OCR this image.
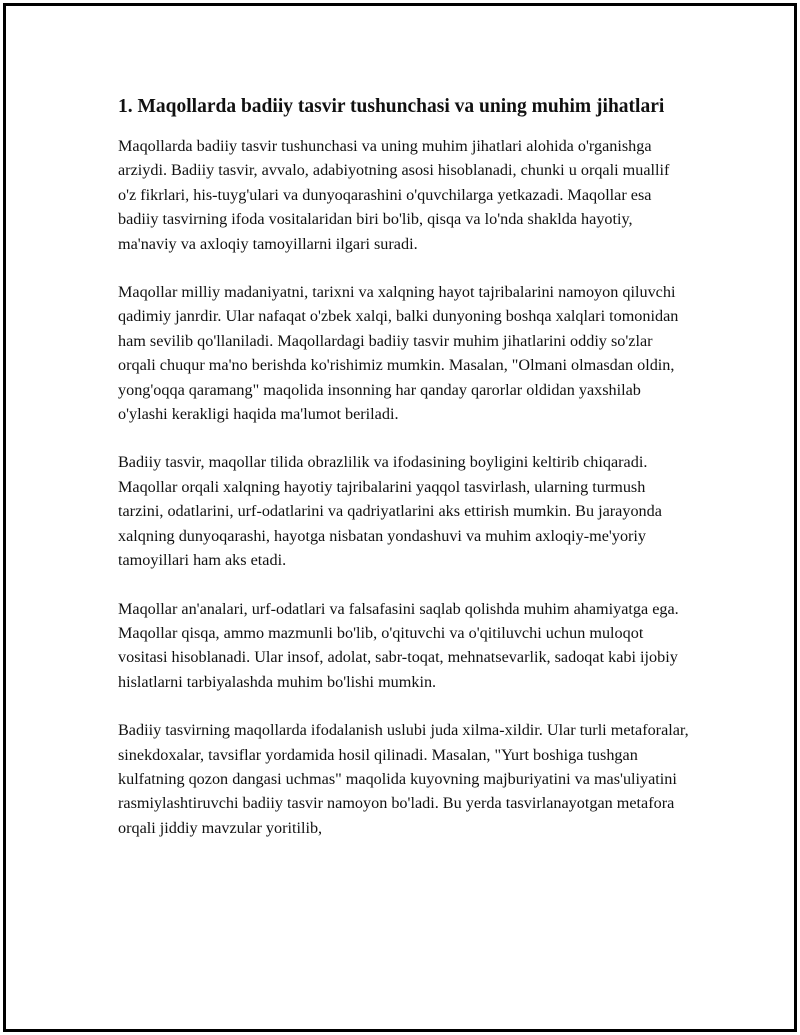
1. Maqollarda badiiy tasvir tushunchasi va uning muhim jihatlari

Maqollarda badiiy tasvir tushunchasi va uning muhim jihatlari alohida o'rganishga arziydi. Badiiy tasvir, avvalo, adabiyotning asosi hisoblanadi, chunki u orqali muallif o'z fikrlari, his-tuyg'ulari va dunyoqarashini o'quvchilarga yetkazadi. Maqollar esa badiiy tasvirning ifoda vositalaridan biri bo'lib, qisqa va lo'nda shaklda hayotiy, ma'naviy va axloqiy tamoyillarni ilgari suradi.

Maqollar milliy madaniyatni, tarixni va xalqning hayot tajribalarini namoyon qiluvchi qadimiy janrdir. Ular nafaqat o'zbek xalqi, balki dunyoning boshqa xalqlari tomonidan ham sevilib qo'llaniladi. Maqollardagi badiiy tasvir muhim jihatlarini oddiy so'zlar orqali chuqur ma'no berishda ko'rishimiz mumkin. Masalan, "Olmani olmasdan oldin, yong'oqqa qaramang" maqolida insonning har qanday qarorlar oldidan yaxshilab o'ylashi kerakligi haqida ma'lumot beriladi.

Badiiy tasvir, maqollar tilida obrazlilik va ifodasining boyligini keltirib chiqaradi. Maqollar orqali xalqning hayotiy tajribalarini yaqqol tasvirlash, ularning turmush tarzini, odatlarini, urf-odatlarini va qadriyatlarini aks ettirish mumkin. Bu jarayonda xalqning dunyoqarashi, hayotga nisbatan yondashuvi va muhim axloqiy-me'yoriy tamoyillari ham aks etadi.

Maqollar an'analari, urf-odatlari va falsafasini saqlab qolishda muhim ahamiyatga ega. Maqollar qisqa, ammo mazmunli bo'lib, o'qituvchi va o'qitiluvchi uchun muloqot vositasi hisoblanadi. Ular insof, adolat, sabr-toqat, mehnatsevarlik, sadoqat kabi ijobiy hislatlarni tarbiyalashda muhim bo'lishi mumkin.

Badiiy tasvirning maqollarda ifodalanish uslubi juda xilma-xildir. Ular turli metaforalar, sinekdoxalar, tavsiflar yordamida hosil qilinadi. Masalan, "Yurt boshiga tushgan kulfatning qozon dangasi uchmas" maqolida kuyovning majburiyatini va mas'uliyatini rasmiylashtiruvchi badiiy tasvir namoyon bo'ladi. Bu yerda tasvirlanayotgan metafora orqali jiddiy mavzular yoritilib,
